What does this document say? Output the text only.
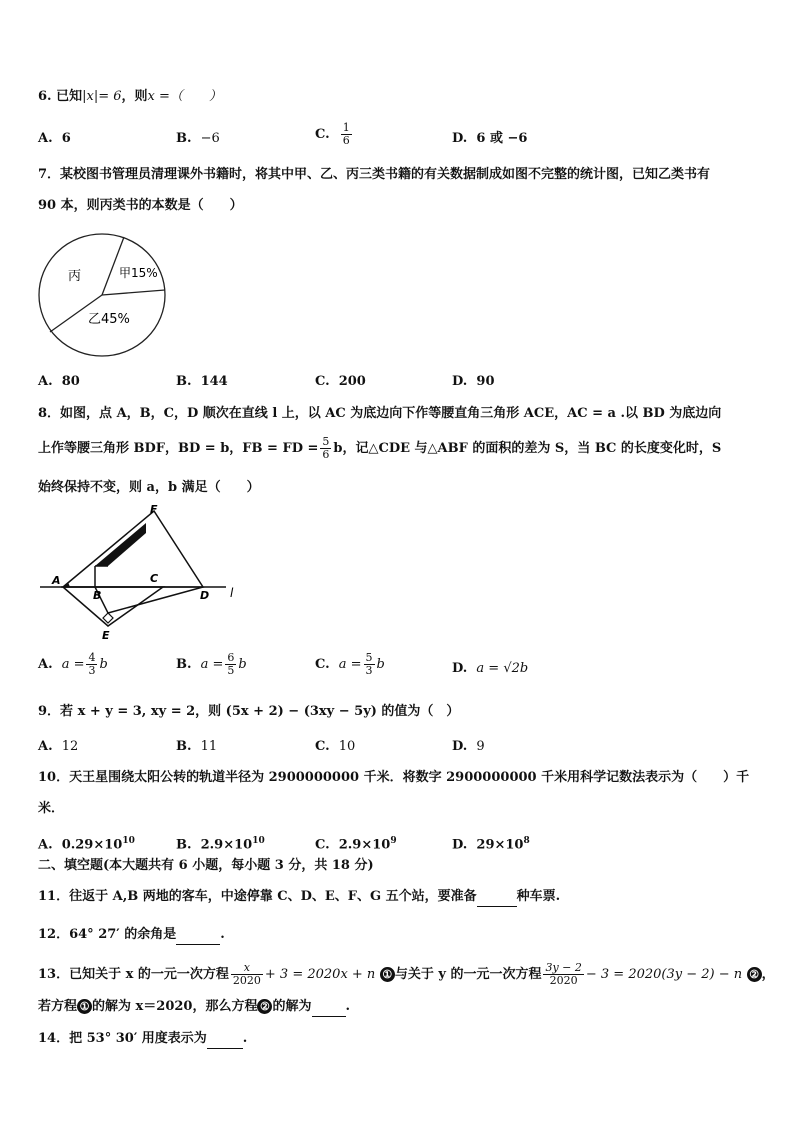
6. 已知|x|= 6，则x =（　　）
A. 6	B. −6	C. $\frac{1}{6}$	D. 6 或 −6
7．某校图书管理员清理课外书籍时，将其中甲、乙、丙三类书籍的有关数据制成如图不完整的统计图，已知乙类书有
90 本，则丙类书的本数是（　　）
丙	甲15%
乙45%
A. 80	B. 144	C. 200	D. 90
8．如图，点 A，B，C，D 顺次在直线 l 上，以 AC 为底边向下作等腰直角三角形 ACE，AC = a .以 BD 为底边向
上作等腰三角形 BDF，BD = b，FB = FD = $\frac{5}{6}$ b，记△CDE 与△ABF 的面积的差为 S，当 BC 的长度变化时，S
始终保持不变，则 a，b 满足（　　）
F
A
B
C
D l
E
A. $a = \frac{4}{3}$ b	B. $a = \frac{6}{5}$ b	C. $a = \frac{5}{3}$ b	D. a = √2b
9．若 x + y = 3, xy = 2，则 (5x + 2) − (3xy − 5y) 的值为（　）
A. 12	B. 11	C. 10	D. 9
10．天王星围绕太阳公转的轨道半径为 2900000000 千米．将数字 2900000000 千米用科学记数法表示为（　　）千
米．
A. $0.29\times 10^{10}$	B. $2.9\times 10^{10}$	C. $2.9\times 10^9$	D. $29\times 10^8$
二、填空题(本大题共有 6 小题，每小题 3 分，共 18 分)
11．往返于 A,B 两地的客车，中途停靠 C、D、E、F、G 五个站，要准备	种车票.
12．64° 27′ 的余角是	.
13．已知关于 x 的一元一次方程 $\frac{x}{2020} + 3 = 2020x + n$ ① 与关于 y 的一元一次方程 $\frac{3y - 2}{2020} - 3 = 2020(3y - 2) - n$ ② ，
若方程 ① 的解为 x＝2020，那么方程 ② 的解为	.
14．把 53° 30′ 用度表示为	.
